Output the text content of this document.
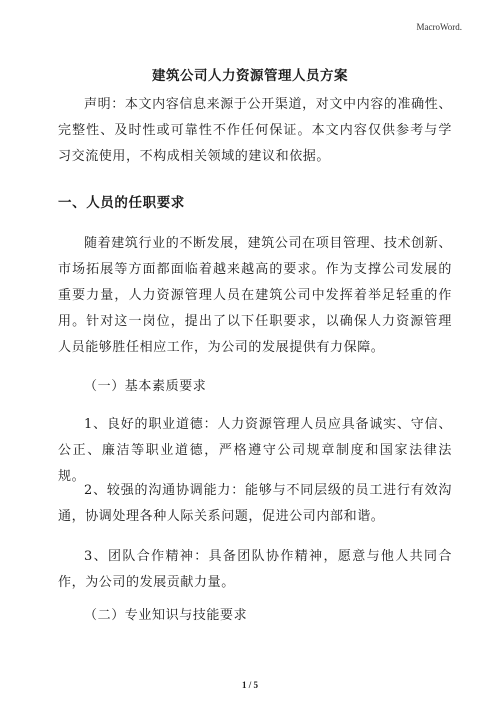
MacroWord.
建筑公司人力资源管理人员方案

声明：本文内容信息来源于公开渠道，对文中内容的准确性、完整性、及时性或可靠性不作任何保证。本文内容仅供参考与学习交流使用，不构成相关领域的建议和依据。

一、人员的任职要求

随着建筑行业的不断发展，建筑公司在项目管理、技术创新、市场拓展等方面都面临着越来越高的要求。作为支撑公司发展的重要力量，人力资源管理人员在建筑公司中发挥着举足轻重的作用。针对这一岗位，提出了以下任职要求，以确保人力资源管理人员能够胜任相应工作，为公司的发展提供有力保障。

（一）基本素质要求

1、良好的职业道德：人力资源管理人员应具备诚实、守信、公正、廉洁等职业道德，严格遵守公司规章制度和国家法律法规。

2、较强的沟通协调能力：能够与不同层级的员工进行有效沟通，协调处理各种人际关系问题，促进公司内部和谐。

3、团队合作精神：具备团队协作精神，愿意与他人共同合作，为公司的发展贡献力量。

（二）专业知识与技能要求

1 / 5
